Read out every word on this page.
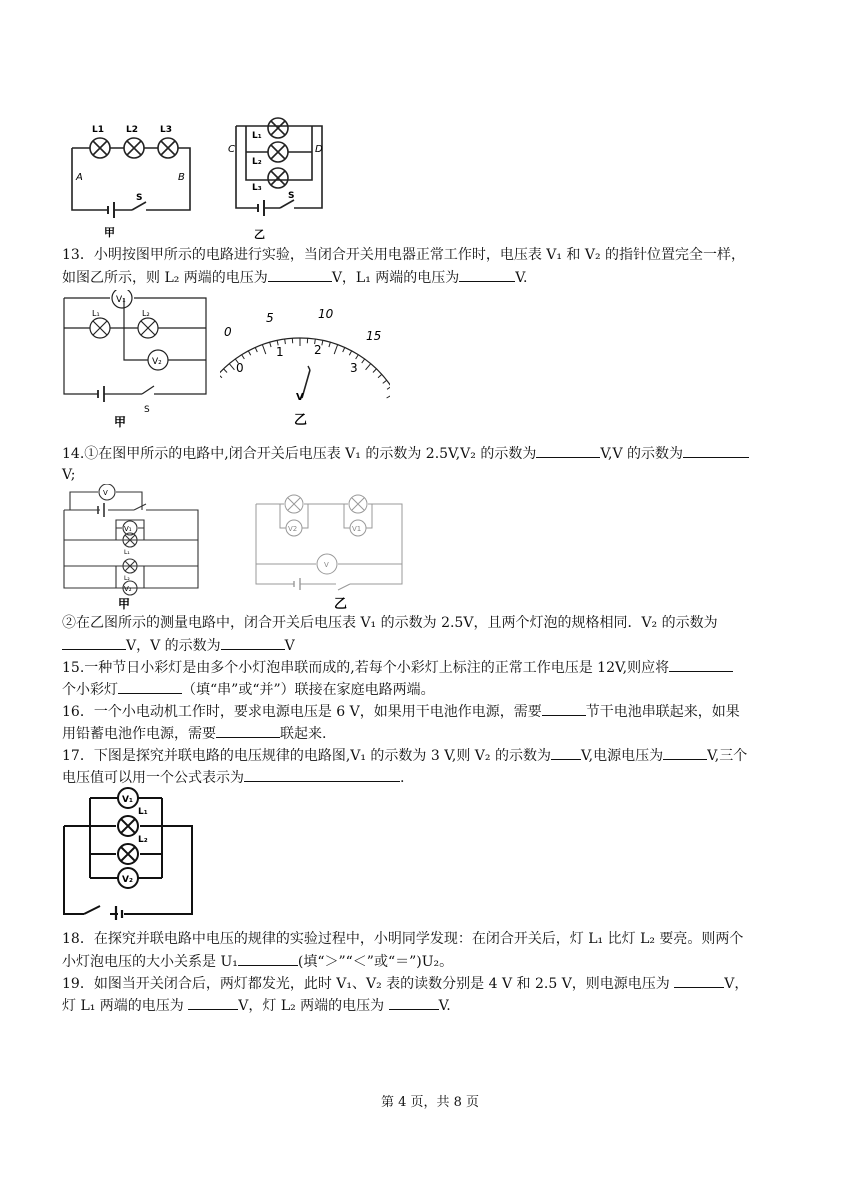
L1 L2 L3
A	B
S
甲
L₁
L₂
L₃
C	D
S
乙
13．小明按图甲所示的电路进行实验，当闭合开关用电器正常工作时，电压表 V₁ 和 V₂ 的指针位置完全一样，
如图乙所示，则 L₂ 两端的电压为	V，L₁ 两端的电压为	V.
V₁
V₂
L₁	L₂
S
甲
0
5	10
15
0
1	2
3
V
乙
14.①在图甲所示的电路中,闭合开关后电压表 V₁ 的示数为 2.5V,V₂ 的示数为	V,V 的示数为
V;
V
V₁
V₂
L₁
L₂
甲
V2	V1
V
乙
②在乙图所示的测量电路中，闭合开关后电压表 V₁ 的示数为 2.5V，且两个灯泡的规格相同．V₂ 的示数为
V，V 的示数为	V
15.一种节日小彩灯是由多个小灯泡串联而成的,若每个小彩灯上标注的正常工作电压是 12V,则应将
个小彩灯	（填“串”或“并”）联接在家庭电路两端。
16．一个小电动机工作时，要求电源电压是 6 V，如果用干电池作电源，需要	节干电池串联起来，如果
用铅蓄电池作电源，需要	联起来.
17．下图是探究并联电路的电压规律的电路图,V₁ 的示数为 3 V,则 V₂ 的示数为 V,电源电压为	V,三个
电压值可以用一个公式表示为	.
V₁
V₂
L₁
L₂
18．在探究并联电路中电压的规律的实验过程中，小明同学发现：在闭合开关后，灯 L₁ 比灯 L₂ 要亮。则两个
小灯泡电压的大小关系是 U₁	(填“＞”“＜”或“＝”)U₂。
19．如图当开关闭合后，两灯都发光，此时 V₁、V₂ 表的读数分别是 4 V 和 2.5 V，则电源电压为	V，
灯 L₁ 两端的电压为	V，灯 L₂ 两端的电压为	V.
第 4 页，共 8 页
